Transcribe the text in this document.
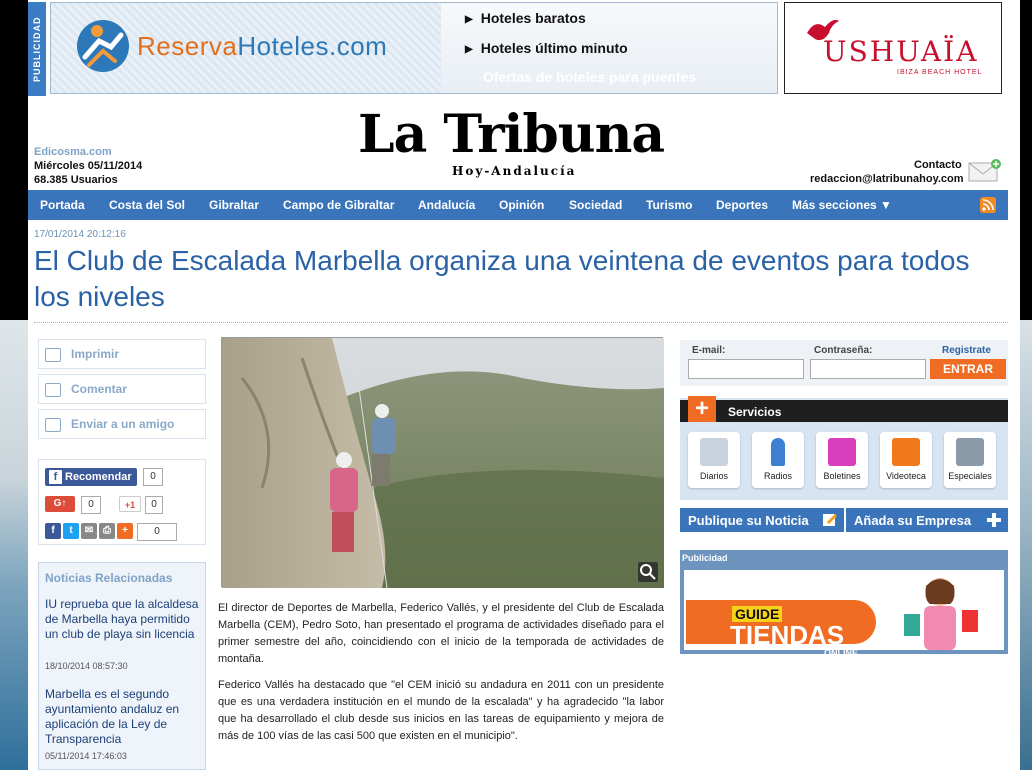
PUBLICIDAD	ReservaHoteles.com
▶ Hoteles baratos
▶ Hoteles último minuto
Ofertas de hoteles para puentes
USHUAÏA
IBIZA BEACH HOTEL
Edicosma.com
Miércoles 05/11/2014
68.385 Usuarios
La Tribuna
Hoy-Andalucía	Contacto
redaccion@latribunahoy.com
Portada Costa del Sol Gibraltar Campo de Gibraltar Andalucía Opinión Sociedad Turismo Deportes Más secciones ▼
17/01/2014 20:12:16
El Club de Escalada Marbella organiza una veintena de eventos para todos los niveles
Imprimir
Comentar
Enviar a un amigo
f Recomendar	0
G↑	0	+1	0
f	t	✉ ⎙	+	0
Noticias Relacionadas
IU reprueba que la alcaldesa de Marbella haya permitido un club de playa sin licencia
18/10/2014 08:57:30
Marbella es el segundo ayuntamiento andaluz en aplicación de la Ley de Transparencia
05/11/2014 17:46:03

El director de Deportes de Marbella, Federico Vallés, y el presidente del Club de Escalada Marbella (CEM), Pedro Soto, han presentado el programa de actividades diseñado para el primer semestre del año, coincidiendo con el inicio de la temporada de actividades de montaña.

Federico Vallés ha destacado que "el CEM inició su andadura en 2011 con un presidente que es una verdadera institución en el mundo de la escalada" y ha agradecido "la labor que ha desarrollado el club desde sus inicios en las tareas de equipamiento y mejora de más de 100 vías de las casi 500 que existen en el municipio".

E-mail:	Contraseña:	Registrate
ENTRAR
+	Servicios
Diarios	Radios	Boletines	Videoteca	Especiales
Publique su Noticia	Añada su Empresa
Publicidad
GUIDE
TIENDAS
ONLINE
